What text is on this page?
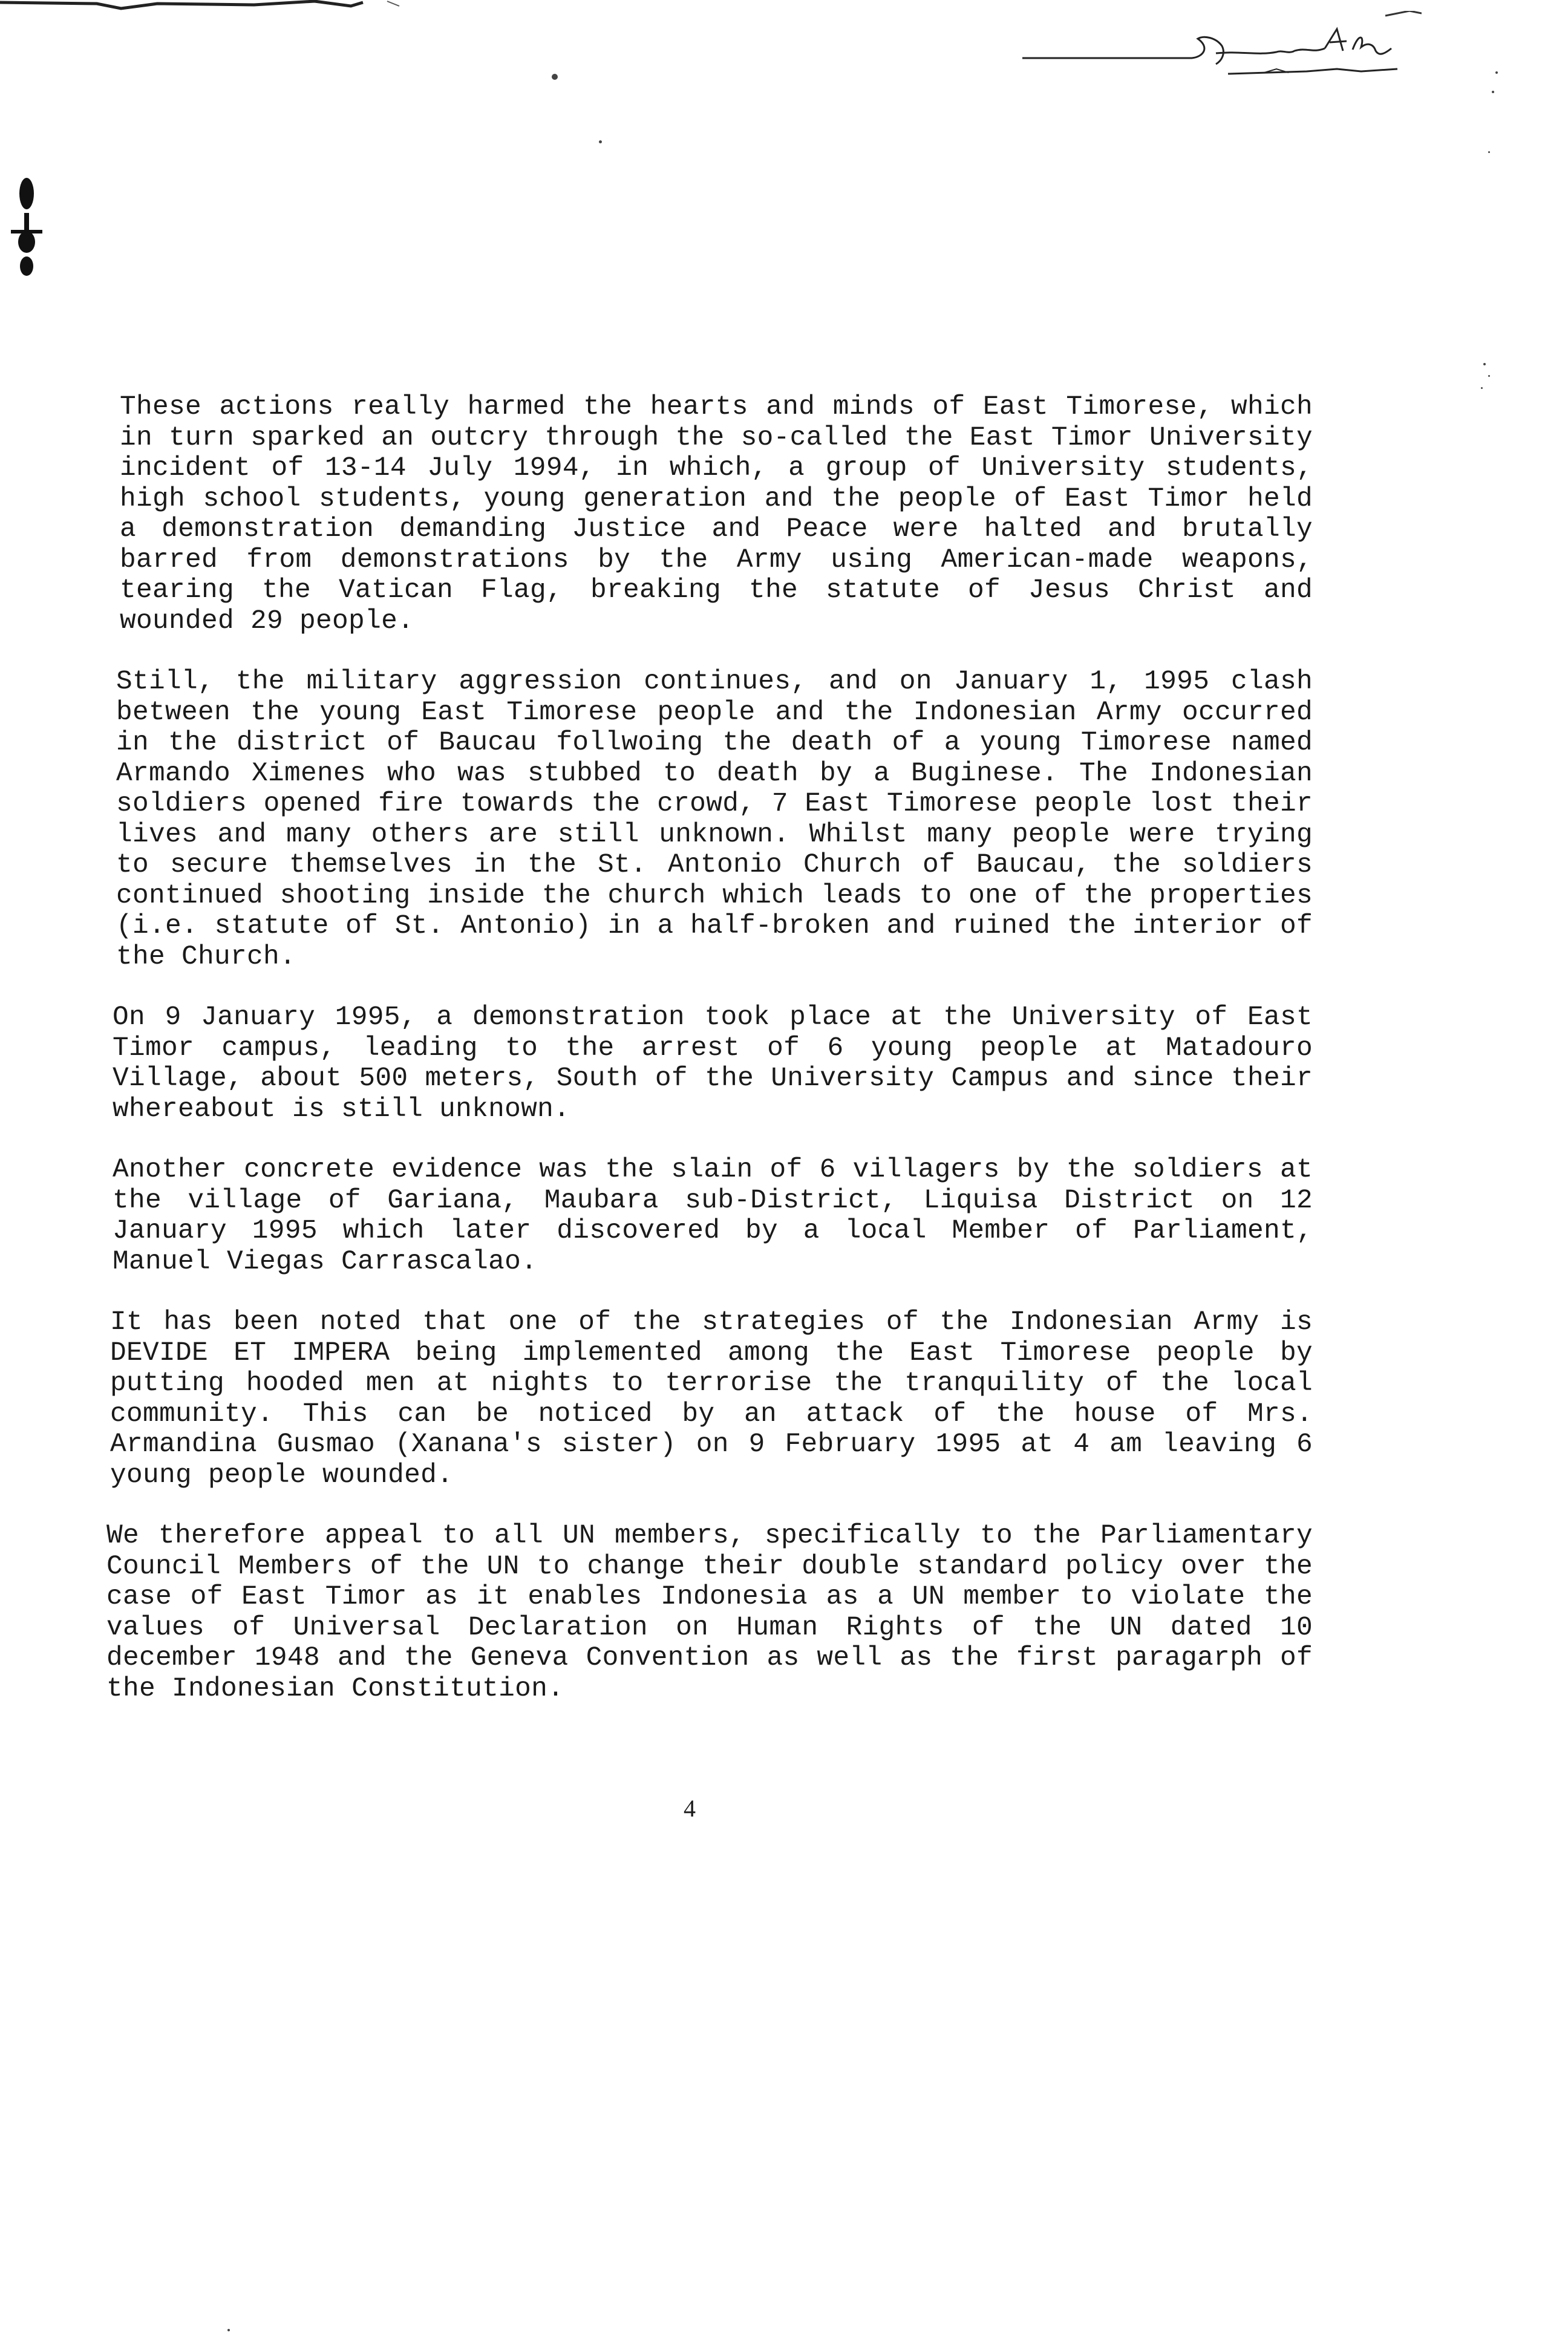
These actions really harmed the hearts and minds of East Timorese, which in turn sparked an outcry through the so-called the East Timor University incident of 13-14 July 1994, in which, a group of University students, high school students, young generation and the people of East Timor held a demonstration demanding Justice and Peace were halted and brutally barred from demonstrations by the Army using American-made weapons, tearing the Vatican Flag, breaking the statute of Jesus Christ and wounded 29 people.

Still, the military aggression continues, and on January 1, 1995 clash between the young East Timorese people and the Indonesian Army occurred in the district of Baucau follwoing the death of a young Timorese named Armando Ximenes who was stubbed to death by a Buginese. The Indonesian soldiers opened fire towards the crowd, 7 East Timorese people lost their lives and many others are still unknown. Whilst many people were trying to secure themselves in the St. Antonio Church of Baucau, the soldiers continued shooting inside the church which leads to one of the properties (i.e. statute of St. Antonio) in a half-broken and ruined the interior of the Church.

On 9 January 1995, a demonstration took place at the University of East Timor campus, leading to the arrest of 6 young people at Matadouro Village, about 500 meters, South of the University Campus and since their whereabout is still unknown.

Another concrete evidence was the slain of 6 villagers by the soldiers at the village of Gariana, Maubara sub-District, Liquisa District on 12 January 1995 which later discovered by a local Member of Parliament, Manuel Viegas Carrascalao.

It has been noted that one of the strategies of the Indonesian Army is DEVIDE ET IMPERA being implemented among the East Timorese people by putting hooded men at nights to terrorise the tranquility of the local community. This can be noticed by an attack of the house of Mrs. Armandina Gusmao (Xanana's sister) on 9 February 1995 at 4 am leaving 6 young people wounded.

We therefore appeal to all UN members, specifically to the Parliamentary Council Members of the UN to change their double standard policy over the case of East Timor as it enables Indonesia as a UN member to violate the values of Universal Declaration on Human Rights of the UN dated 10 december 1948 and the Geneva Convention as well as the first paragarph of the Indonesian Constitution.

4
